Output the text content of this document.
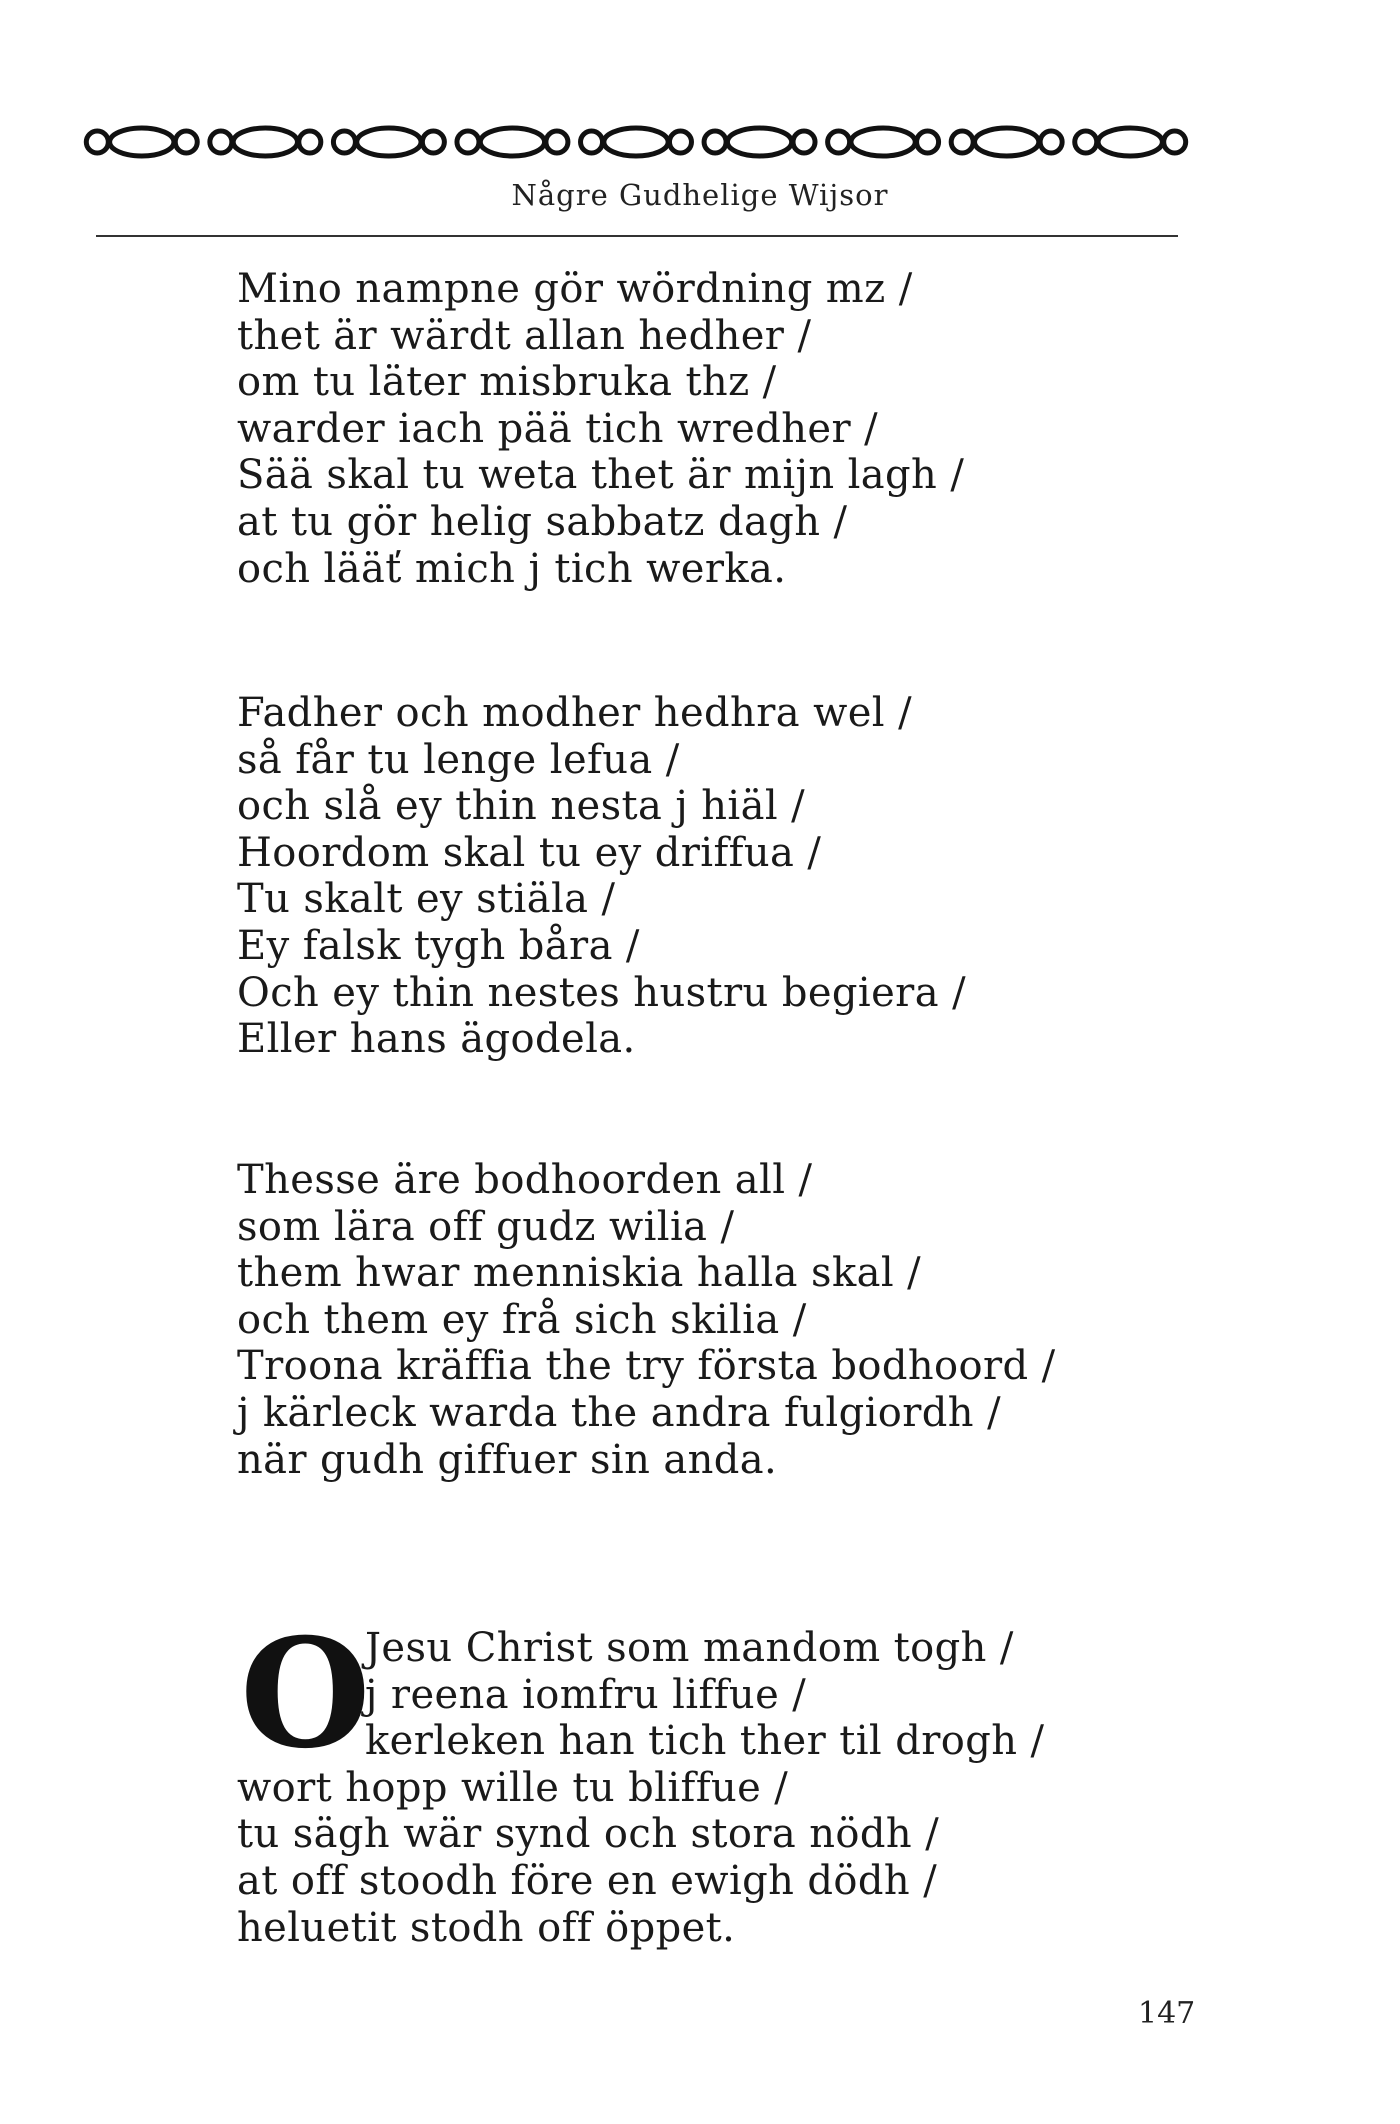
Någre Gudhelige Wijsor
Mino nampne gör wördning mz /
thet är wärdt allan hedher /
om tu läter misbruka thz /
warder iach pää tich wredher /
Sää skal tu weta thet är mijn lagh /
at tu gör helig sabbatz dagh /
och lääť mich j tich werka.
Fadher och modher hedhra wel /
så får tu lenge lefua /
och slå ey thin nesta j hiäl /
Hoordom skal tu ey driffua /
Tu skalt ey stiäla /
Ey falsk tygh båra /
Och ey thin nestes hustru begiera /
Eller hans ägodela.
Thesse äre bodhoorden all /
som lära off gudz wilia /
them hwar menniskia halla skal /
och them ey frå sich skilia /
Troona kräffia the try första bodhoord /
j kärleck warda the andra fulgiordh /
när gudh giffuer sin anda.
O
Jesu Christ som mandom togh /
j reena iomfru liffue /
kerleken han tich ther til drogh /
wort hopp wille tu bliffue /
tu sägh wär synd och stora nödh /
at off stoodh före en ewigh dödh /
heluetit stodh off öppet.
147
